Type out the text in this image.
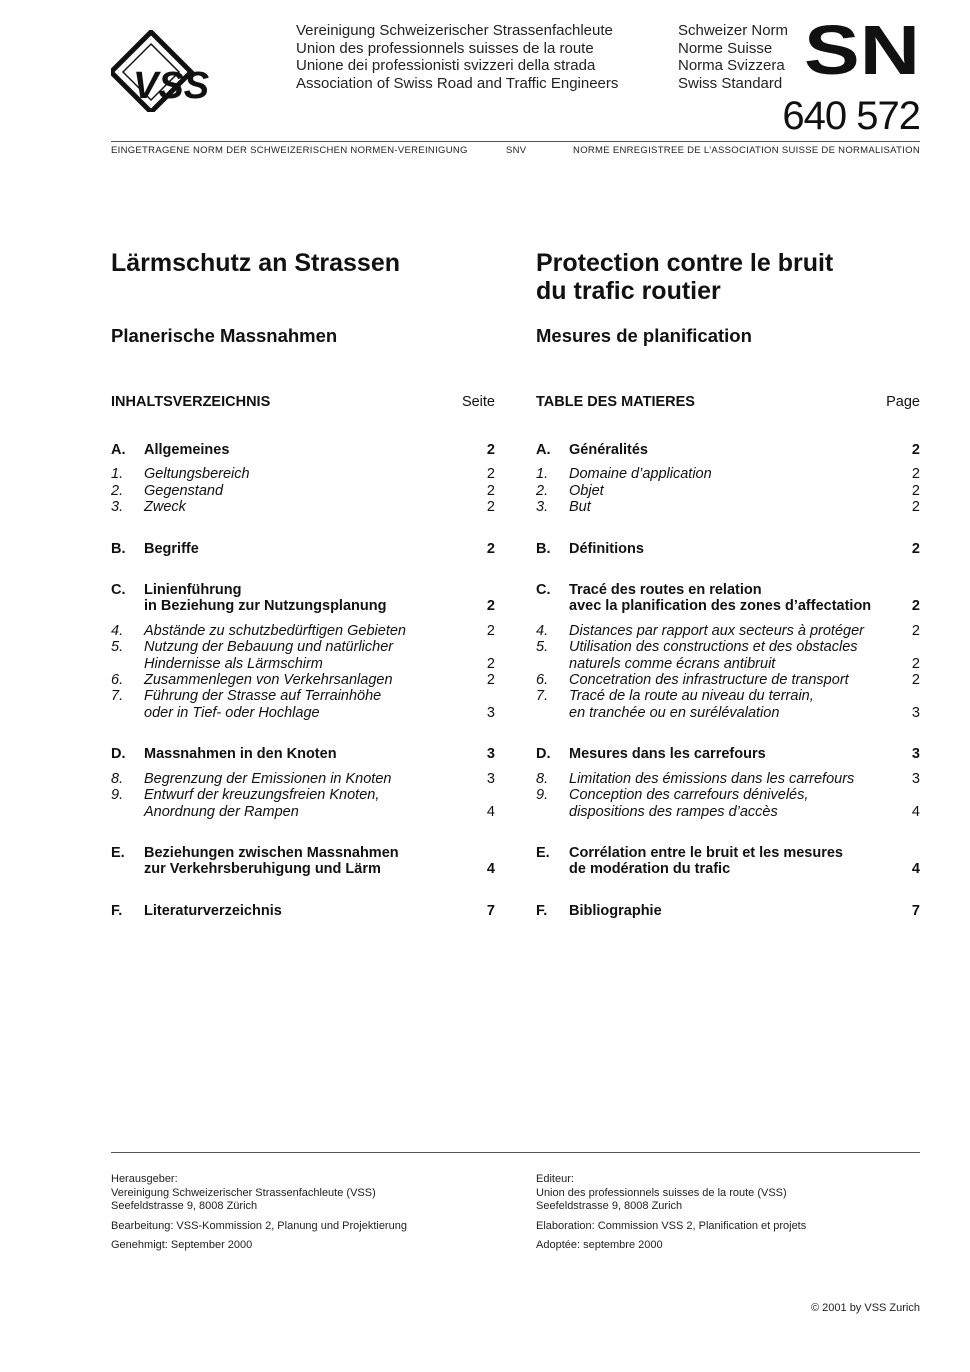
VSS
Vereinigung Schweizerischer Strassenfachleute
Union des professionnels suisses de la route
Unione dei professionisti svizzeri della strada
Association of Swiss Road and Traffic Engineers
Schweizer Norm
Norme Suisse
Norma Svizzera
Swiss Standard SN
640 572
EINGETRAGENE NORM DER SCHWEIZERISCHEN NORMEN-VEREINIGUNG	SNV	NORME ENREGISTREE DE L’ASSOCIATION SUISSE DE NORMALISATION
Lärmschutz an Strassen	Protection contre le bruit
du trafic routier
Planerische Massnahmen	Mesures de planification
INHALTSVERZEICHNIS	Seite
A.	Allgemeines	2
1.	Geltungsbereich	2
2.	Gegenstand	2
3.	Zweck	2
B.	Begriffe	2
C.	Linienführung
in Beziehung zur Nutzungsplanung	2
4.	Abstände zu schutzbedürftigen Gebieten	2
5.	Nutzung der Bebauung und natürlicher
Hindernisse als Lärmschirm	2
6.	Zusammenlegen von Verkehrsanlagen	2
7.	Führung der Strasse auf Terrainhöhe
oder in Tief- oder Hochlage	3
D.	Massnahmen in den Knoten	3
8.	Begrenzung der Emissionen in Knoten	3
9.	Entwurf der kreuzungsfreien Knoten,
Anordnung der Rampen	4
E.	Beziehungen zwischen Massnahmen
zur Verkehrsberuhigung und Lärm	4
F.	Literaturverzeichnis	7
TABLE DES MATIERES	Page
A.	Généralités	2
1.	Domaine d’application	2
2.	Objet	2
3.	But	2
B.	Définitions	2
C.	Tracé des routes en relation
avec la planification des zones d’affectation	2
4.	Distances par rapport aux secteurs à protéger	2
5.	Utilisation des constructions et des obstacles
naturels comme écrans antibruit	2
6.	Concetration des infrastructure de transport	2
7.	Tracé de la route au niveau du terrain,
en tranchée ou en surélévalation	3
D.	Mesures dans les carrefours	3
8.	Limitation des émissions dans les carrefours	3
9.	Conception des carrefours dénivelés,
dispositions des rampes d’accès	4
E.	Corrélation entre le bruit et les mesures
de modération du trafic	4
F.	Bibliographie	7
Herausgeber:
Vereinigung Schweizerischer Strassenfachleute (VSS)
Seefeldstrasse 9, 8008 Zürich
Bearbeitung: VSS-Kommission 2, Planung und Projektierung
Genehmigt: September 2000
Editeur:
Union des professionnels suisses de la route (VSS)
Seefeldstrasse 9, 8008 Zurich
Elaboration: Commission VSS 2, Planification et projets
Adoptée: septembre 2000
© 2001 by VSS Zurich
